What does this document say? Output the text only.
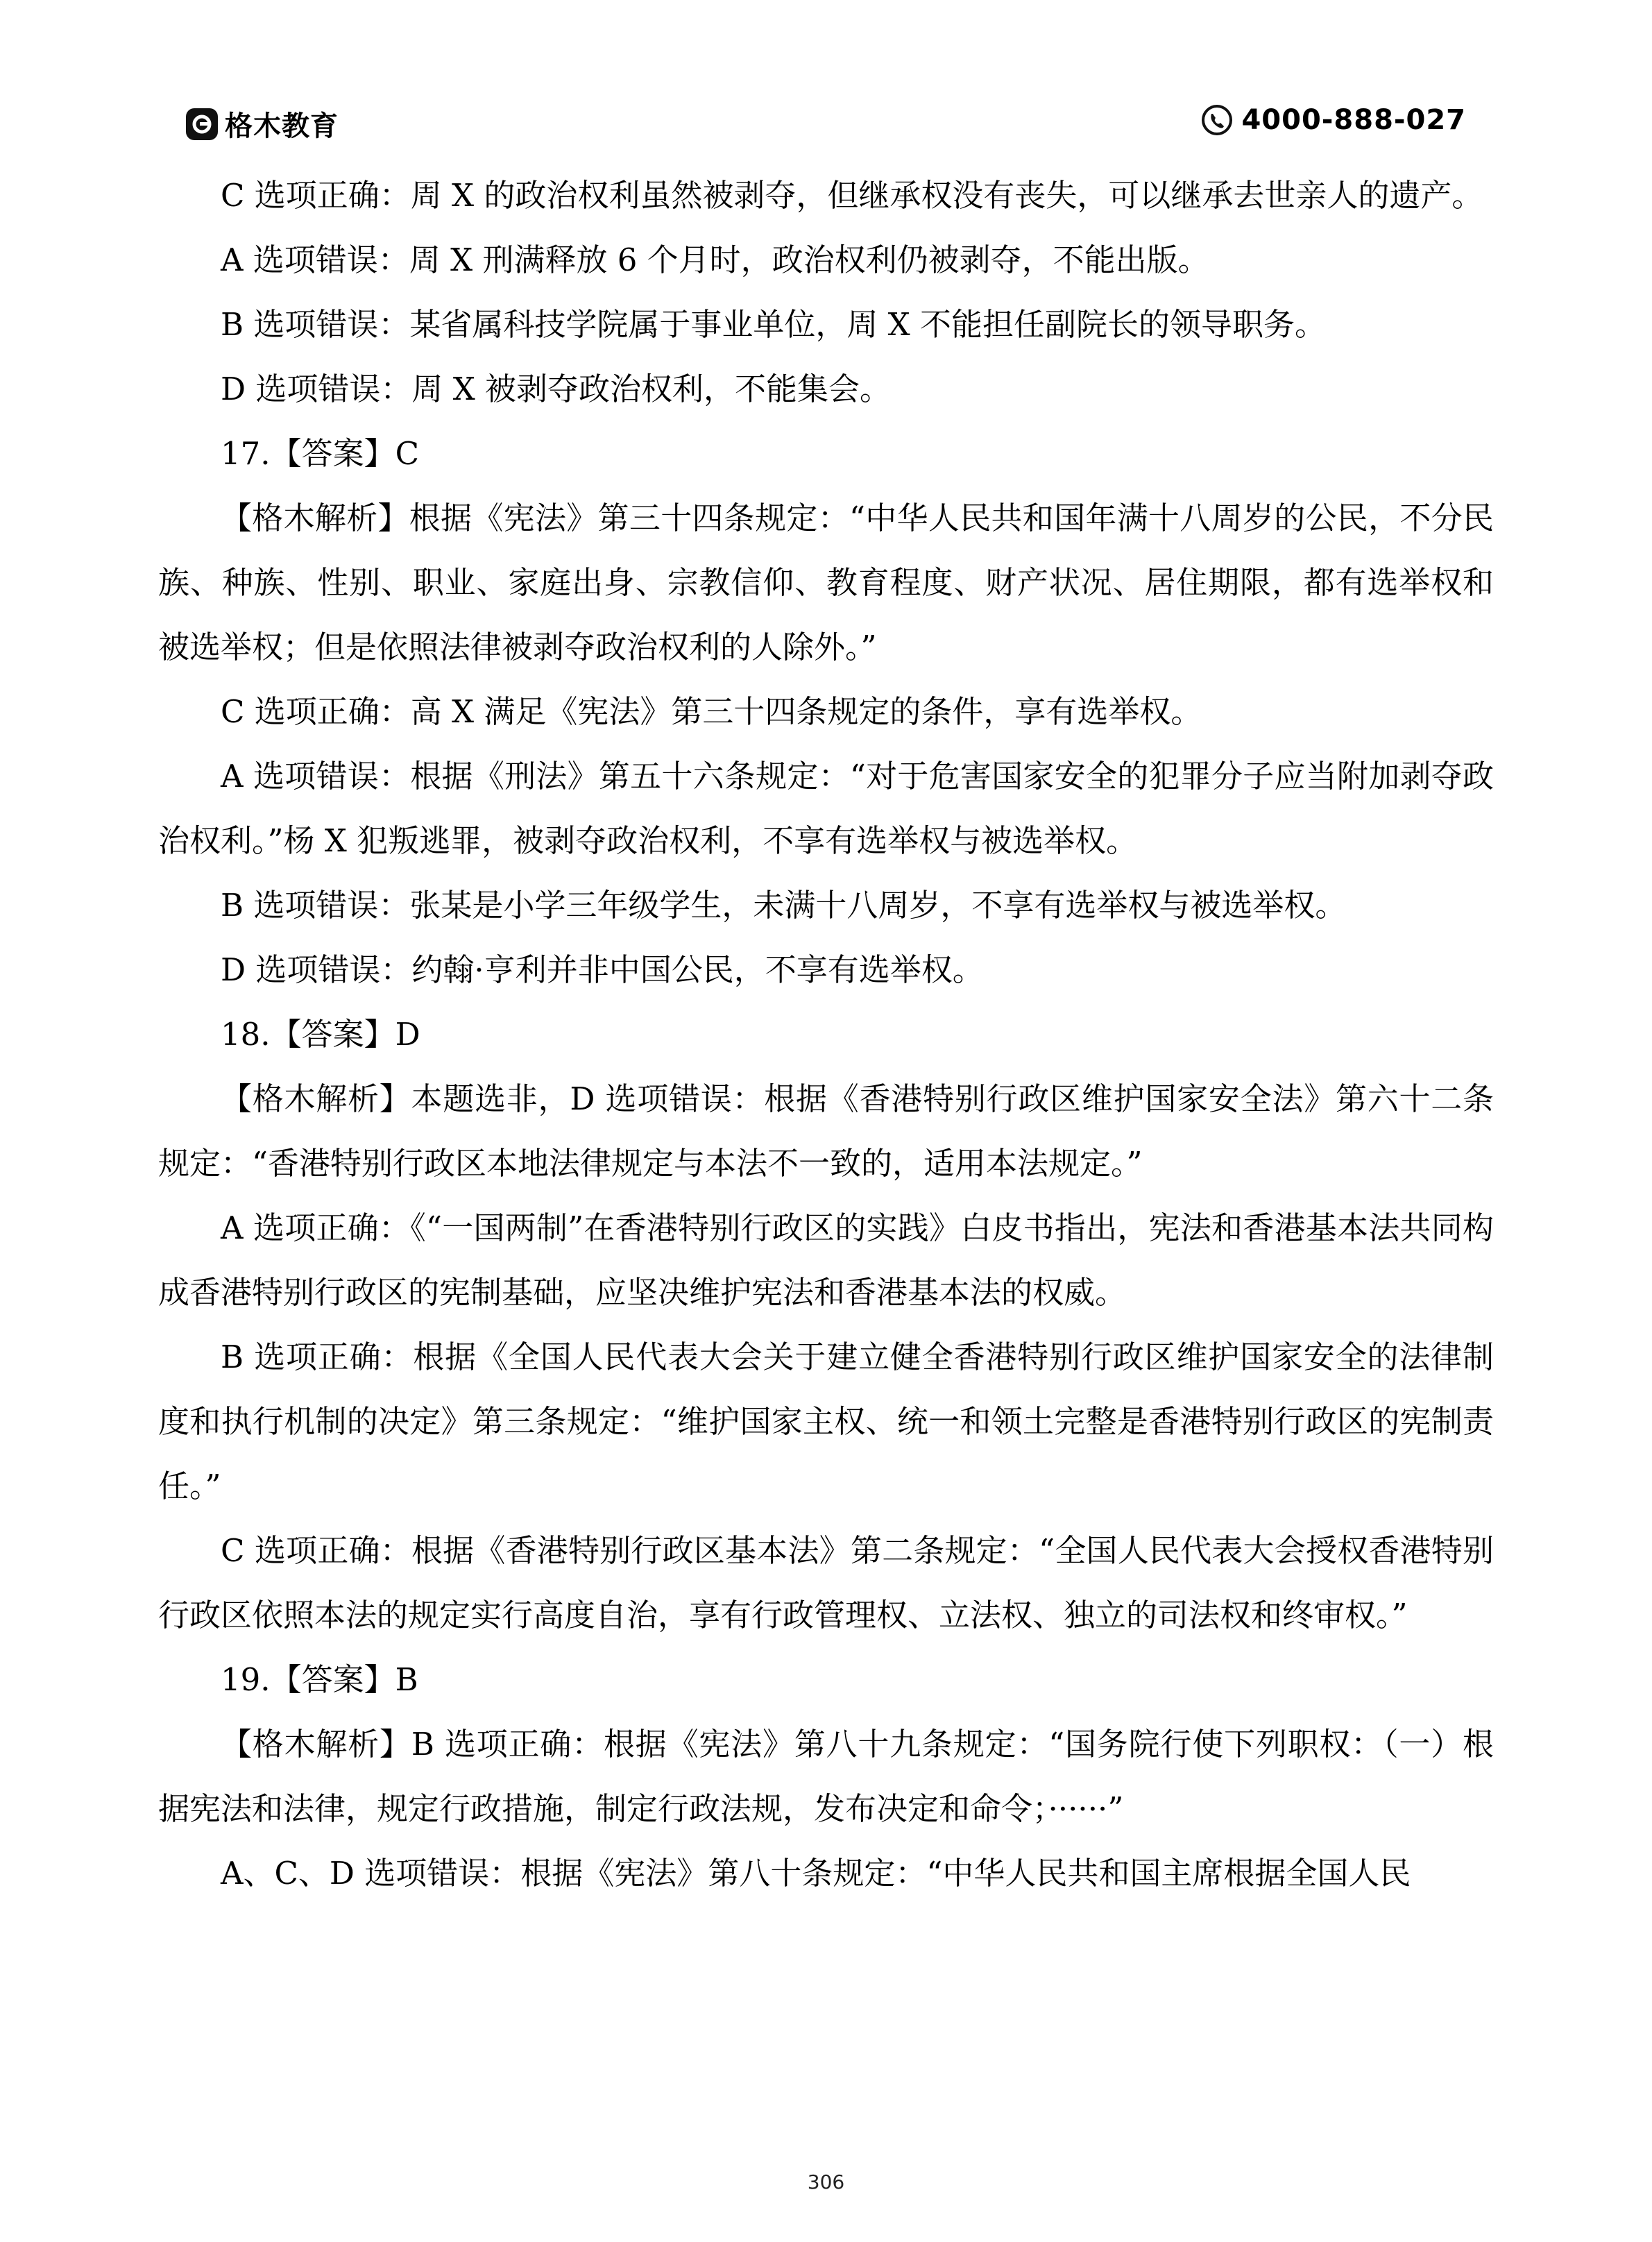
格木教育	4000-888-027

C 选项正确：周 X 的政治权利虽然被剥夺，但继承权没有丧失，可以继承去世亲人的遗产。

A 选项错误：周 X 刑满释放 6 个月时，政治权利仍被剥夺，不能出版。

B 选项错误：某省属科技学院属于事业单位，周 X 不能担任副院长的领导职务。

D 选项错误：周 X 被剥夺政治权利，不能集会。

17.【答案】C

【格木解析】根据《宪法》第三十四条规定：“中华人民共和国年满十八周岁的公民，不分民族、种族、性别、职业、家庭出身、宗教信仰、教育程度、财产状况、居住期限，都有选举权和被选举权；但是依照法律被剥夺政治权利的人除外。”

C 选项正确：高 X 满足《宪法》第三十四条规定的条件，享有选举权。

A 选项错误：根据《刑法》第五十六条规定：“对于危害国家安全的犯罪分子应当附加剥夺政治权利。”杨 X 犯叛逃罪，被剥夺政治权利，不享有选举权与被选举权。

B 选项错误：张某是小学三年级学生，未满十八周岁，不享有选举权与被选举权。

D 选项错误：约翰·亨利并非中国公民，不享有选举权。

18.【答案】D

【格木解析】本题选非，D 选项错误：根据《香港特别行政区维护国家安全法》第六十二条规定：“香港特别行政区本地法律规定与本法不一致的，适用本法规定。”

A 选项正确：《“一国两制”在香港特别行政区的实践》白皮书指出，宪法和香港基本法共同构成香港特别行政区的宪制基础，应坚决维护宪法和香港基本法的权威。

B 选项正确：根据《全国人民代表大会关于建立健全香港特别行政区维护国家安全的法律制度和执行机制的决定》第三条规定：“维护国家主权、统一和领土完整是香港特别行政区的宪制责任。”

C 选项正确：根据《香港特别行政区基本法》第二条规定：“全国人民代表大会授权香港特别行政区依照本法的规定实行高度自治，享有行政管理权、立法权、独立的司法权和终审权。”

19.【答案】B

【格木解析】B 选项正确：根据《宪法》第八十九条规定：“国务院行使下列职权：（一）根据宪法和法律，规定行政措施，制定行政法规，发布决定和命令；······”

A、C、D 选项错误：根据《宪法》第八十条规定：“中华人民共和国主席根据全国人民

306
